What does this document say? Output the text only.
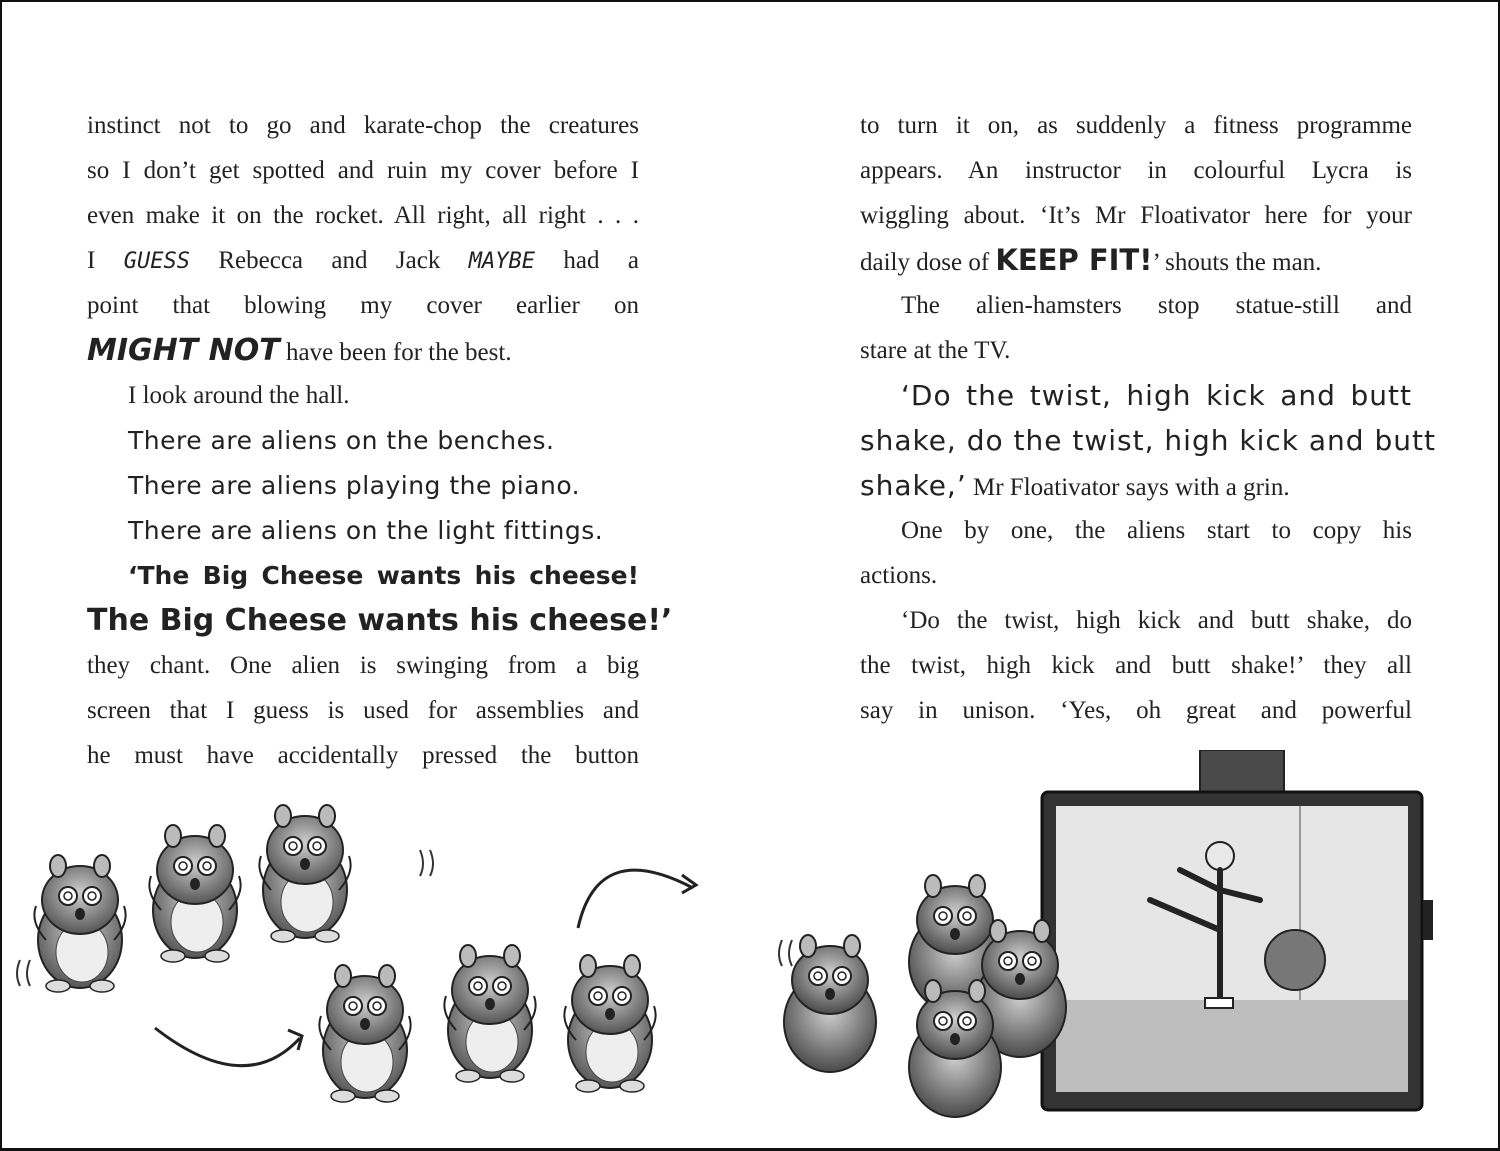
instinct not to go and karate-chop the creatures
so I don’t get spotted and ruin my cover before I
even make it on the rocket. All right, all right . . .
I GUESS Rebecca and Jack MAYBE had a
point that blowing my cover earlier on
MIGHT NOT have been for the best.
I look around the hall.
There are aliens on the benches.
There are aliens playing the piano.
There are aliens on the light fittings.
‘The Big Cheese wants his cheese!
The Big Cheese wants his cheese!’
they chant. One alien is swinging from a big
screen that I guess is used for assemblies and
he must have accidentally pressed the button
to turn it on, as suddenly a fitness programme
appears. An instructor in colourful Lycra is
wiggling about. ‘It’s Mr Floativator here for your
daily dose of KEEP FIT!’ shouts the man.
The alien-hamsters stop statue-still and
stare at the TV.
‘Do the twist, high kick and butt
shake, do the twist, high kick and butt
shake,’ Mr Floativator says with a grin.
One by one, the aliens start to copy his
actions.
‘Do the twist, high kick and butt shake, do
the twist, high kick and butt shake!’ they all
say in unison. ‘Yes, oh great and powerful
